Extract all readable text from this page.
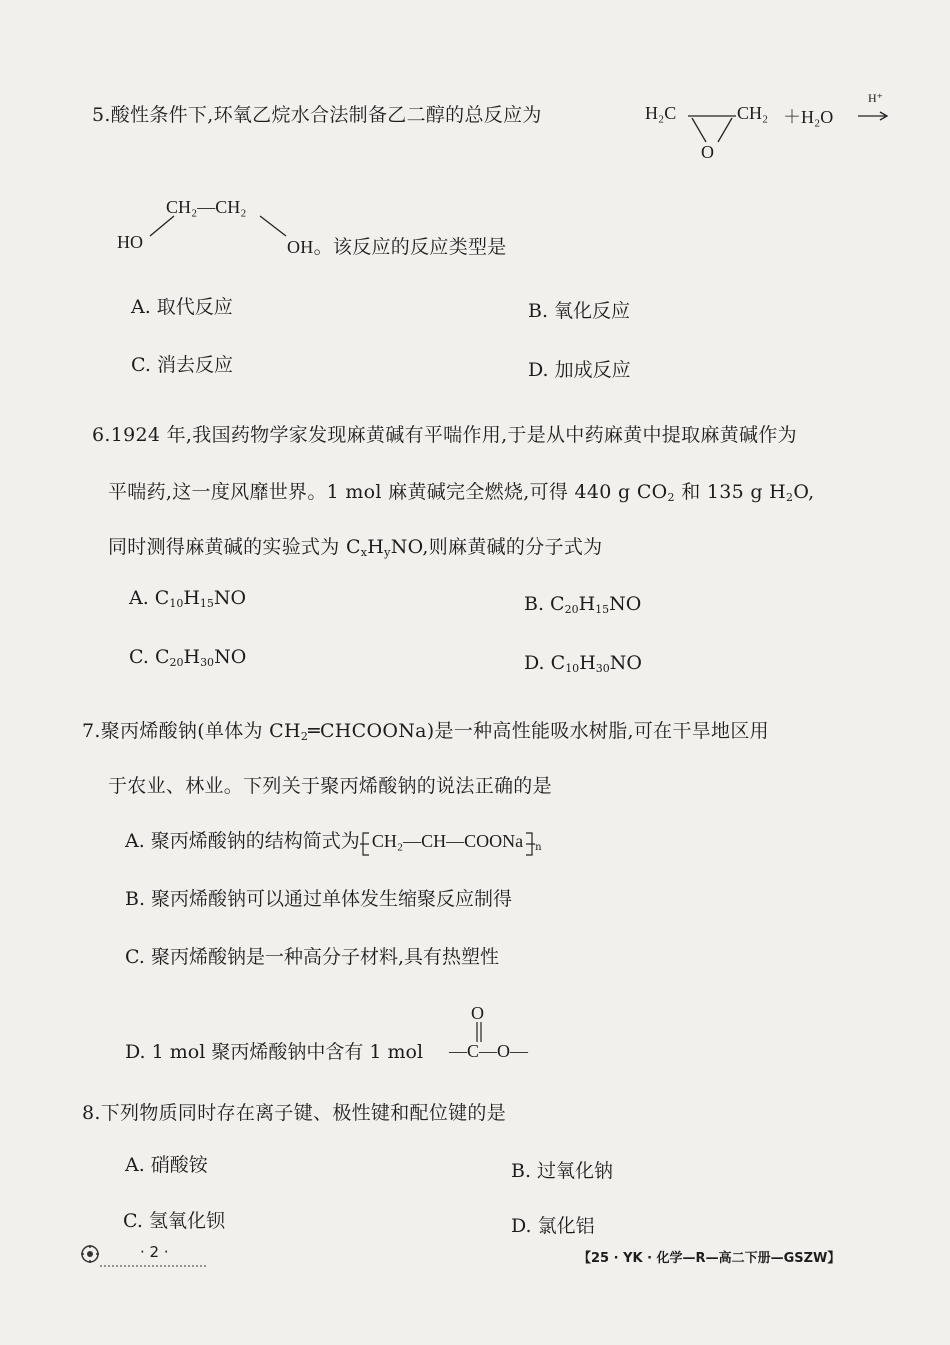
5.酸性条件下,环氧乙烷水合法制备乙二醇的总反应为	H₂C	CH₂
O
＋H₂O
H⁺
CH₂—CH₂
HO	OH。该反应的反应类型是
A. 取代反应	B. 氧化反应
C. 消去反应	D. 加成反应
6.1924 年,我国药物学家发现麻黄碱有平喘作用,于是从中药麻黄中提取麻黄碱作为
平喘药,这一度风靡世界。1 mol 麻黄碱完全燃烧,可得 440 g $CO_2$ 和 135 g $H_2O$,
同时测得麻黄碱的实验式为 $C_xH_yNO$,则麻黄碱的分子式为
A. $C_{10}H_{15}NO$	B. $C_{20}H_{15}NO$
C. $C_{20}H_{30}NO$	D. $C_{10}H_{30}NO$
7.聚丙烯酸钠(单体为 $CH_2═CHCOONa$)是一种高性能吸水树脂,可在干旱地区用
于农业、林业。下列关于聚丙烯酸钠的说法正确的是
A. 聚丙烯酸钠的结构简式为 CH₂—CH—COONa $_n$
B. 聚丙烯酸钠可以通过单体发生缩聚反应制得
C. 聚丙烯酸钠是一种高分子材料,具有热塑性
D. 1 mol 聚丙烯酸钠中含有 1 mol
O
—C—O—
8.下列物质同时存在离子键、极性键和配位键的是
A. 硝酸铵	B. 过氧化钠
C. 氢氧化钡	D. 氯化铝
· 2 ·	【25 · YK · 化学—R—高二下册—GSZW】
